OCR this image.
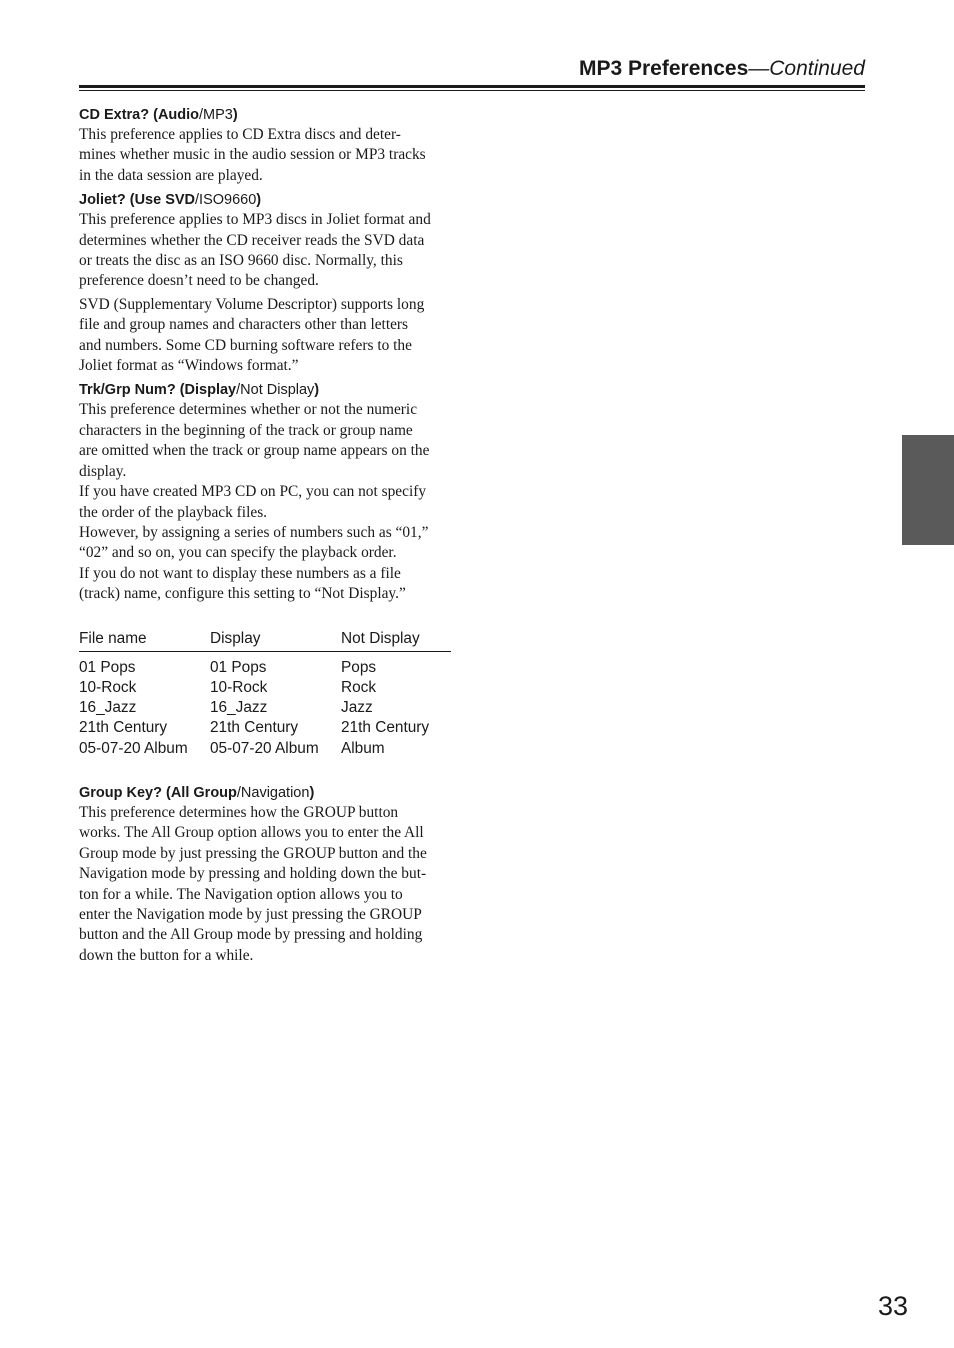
MP3 Preferences—Continued
CD Extra? (Audio/MP3)
This preference applies to CD Extra discs and deter-
mines whether music in the audio session or MP3 tracks
in the data session are played.
Joliet? (Use SVD/ISO9660)
This preference applies to MP3 discs in Joliet format and
determines whether the CD receiver reads the SVD data
or treats the disc as an ISO 9660 disc. Normally, this
preference doesn’t need to be changed.
SVD (Supplementary Volume Descriptor) supports long
file and group names and characters other than letters
and numbers. Some CD burning software refers to the
Joliet format as “Windows format.”
Trk/Grp Num? (Display/Not Display)
This preference determines whether or not the numeric
characters in the beginning of the track or group name
are omitted when the track or group name appears on the
display.
If you have created MP3 CD on PC, you can not specify
the order of the playback files.
However, by assigning a series of numbers such as “01,”
“02” and so on, you can specify the playback order.
If you do not want to display these numbers as a file
(track) name, configure this setting to “Not Display.”
File name	Display	Not Display
01 Pops	01 Pops	Pops
10-Rock	10-Rock	Rock
16_Jazz	16_Jazz	Jazz
21th Century	21th Century	21th Century
05-07-20 Album	05-07-20 Album	Album
Group Key? (All Group/Navigation)
This preference determines how the GROUP button
works. The All Group option allows you to enter the All
Group mode by just pressing the GROUP button and the
Navigation mode by pressing and holding down the but-
ton for a while. The Navigation option allows you to
enter the Navigation mode by just pressing the GROUP
button and the All Group mode by pressing and holding
down the button for a while.
33
